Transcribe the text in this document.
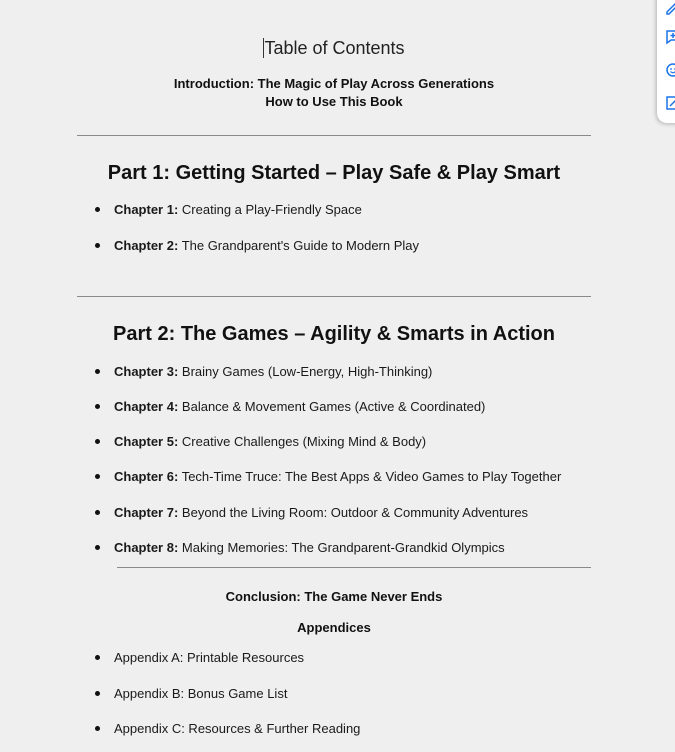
Table of Contents
Introduction: The Magic of Play Across Generations
How to Use This Book
Part 1: Getting Started – Play Safe & Play Smart
Chapter 1: Creating a Play-Friendly Space
Chapter 2: The Grandparent's Guide to Modern Play
Part 2: The Games – Agility & Smarts in Action
Chapter 3: Brainy Games (Low-Energy, High-Thinking)
Chapter 4: Balance & Movement Games (Active & Coordinated)
Chapter 5: Creative Challenges (Mixing Mind & Body)
Chapter 6: Tech-Time Truce: The Best Apps & Video Games to Play Together
Chapter 7: Beyond the Living Room: Outdoor & Community Adventures
Chapter 8: Making Memories: The Grandparent-Grandkid Olympics
Conclusion: The Game Never Ends
Appendices
Appendix A: Printable Resources
Appendix B: Bonus Game List
Appendix C: Resources & Further Reading
